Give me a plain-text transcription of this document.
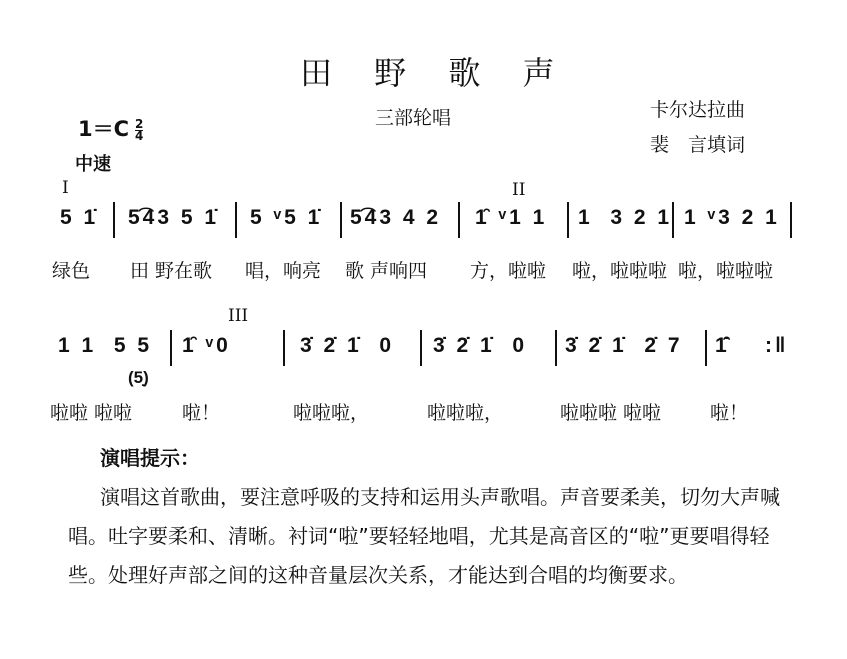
田 野 歌 声
三部轮唱	卡尔达拉曲
裴　言填词
$1=C \frac{2}{4}$
中速
I	II
5 1̇ 5͡43 5 1̇ 5 ᵛ5 1̇ 5͡43 4 2 1̑ ᵛ1 1 1  3 2 1 1 ᵛ3 2 1
绿色 田 野在歌 唱，响亮 歌 声响四 方，啦啦 啦，啦啦啦 啦，啦啦啦
III
1 1  5 5 1̑ ᵛ0	3̇ 2̇ 1̇  0 3̇ 2̇ 1̇  0 3̇ 2̇ 1̇  2̇ 7 1̇̑ :‖
啦啦 啦啦	啦！	啦啦啦，	啦啦啦，	啦啦啦 啦啦	啦！
(5̣)
演唱提示：

演唱这首歌曲，要注意呼吸的支持和运用头声歌唱。声音要柔美，切勿大声喊唱。吐字要柔和、清晰。衬词“啦”要轻轻地唱，尤其是高音区的“啦”更要唱得轻些。处理好声部之间的这种音量层次关系，才能达到合唱的均衡要求。
